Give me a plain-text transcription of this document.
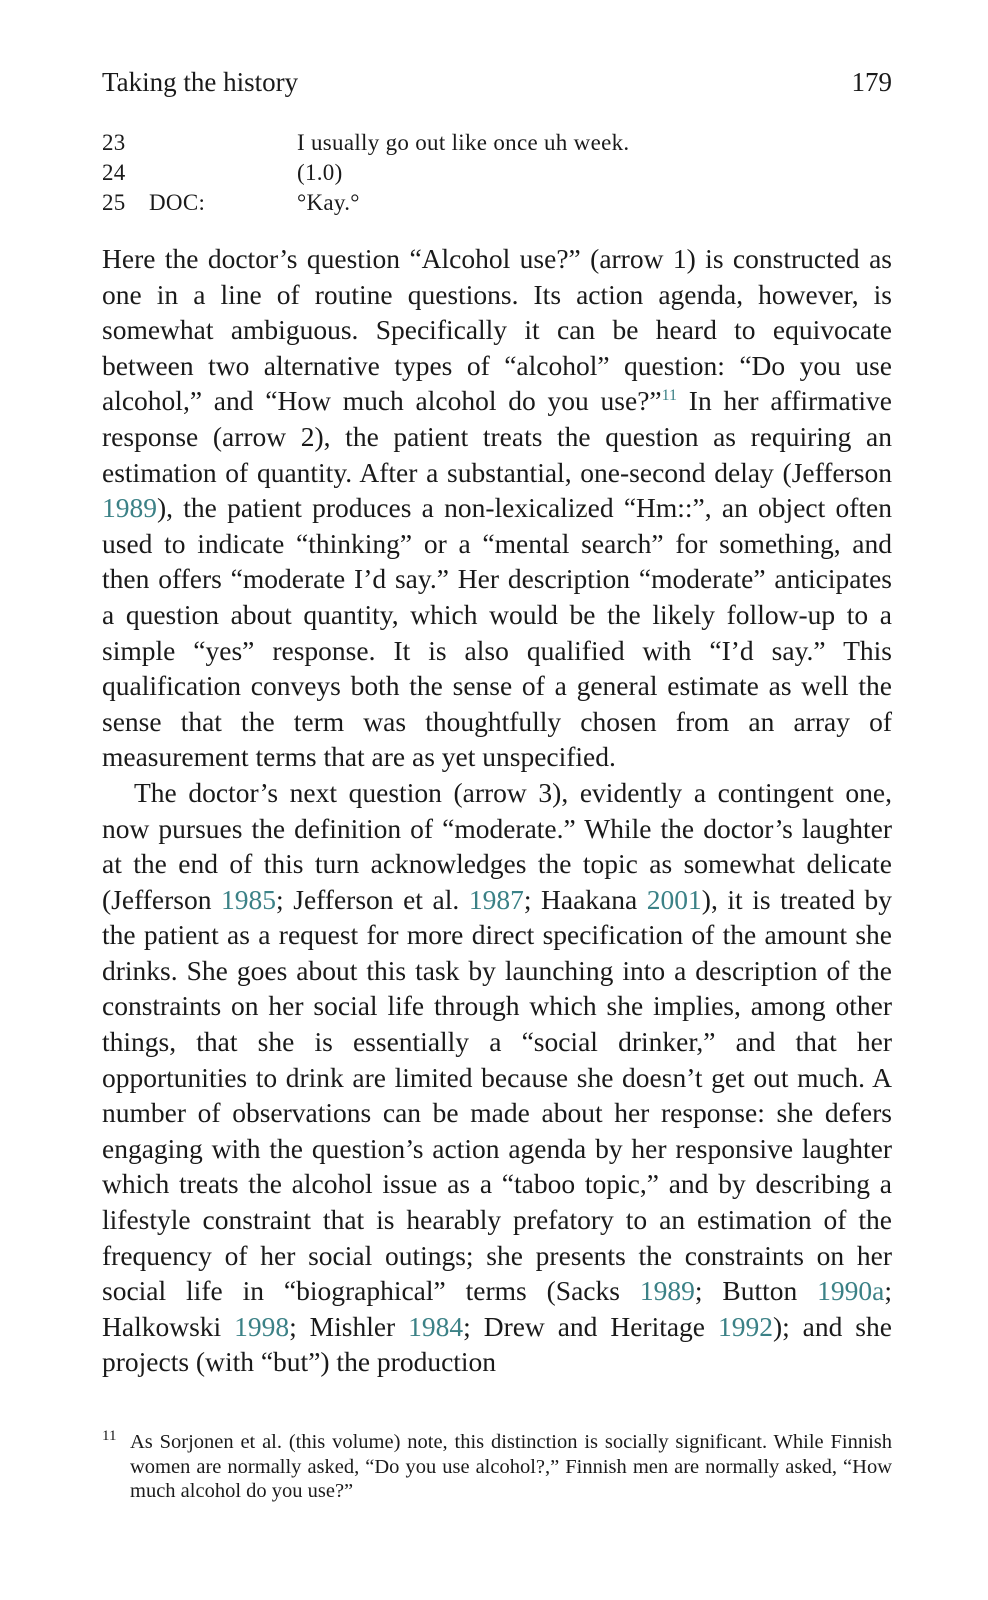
Taking the history	179
23	I usually go out like once uh week.
24	(1.0)
25 DOC:	°Kay.°

Here the doctor’s question “Alcohol use?” (arrow 1) is constructed as one in a line of routine questions. Its action agenda, however, is somewhat ambiguous. Specifically it can be heard to equivocate between two alternative types of “alcohol” question: “Do you use alcohol,” and “How much alcohol do you use?”$^{11}$ In her affirmative response (arrow 2), the patient treats the question as requiring an estimation of quantity. After a substantial, one-second delay (Jefferson 1989), the patient produces a non-lexicalized “Hm::”, an object often used to indicate “thinking” or a “mental search” for something, and then offers “moderate I’d say.” Her description “moderate” anticipates a question about quantity, which would be the likely follow-up to a simple “yes” response. It is also qualified with “I’d say.” This qualification conveys both the sense of a general estimate as well the sense that the term was thoughtfully chosen from an array of measurement terms that are as yet unspecified.

The doctor’s next question (arrow 3), evidently a contingent one, now pursues the definition of “moderate.” While the doctor’s laughter at the end of this turn acknowledges the topic as somewhat delicate (Jefferson 1985; Jefferson et al. 1987; Haakana 2001), it is treated by the patient as a request for more direct specification of the amount she drinks. She goes about this task by launching into a description of the constraints on her social life through which she implies, among other things, that she is essentially a “social drinker,” and that her opportunities to drink are limited because she doesn’t get out much. A number of observations can be made about her response: she defers engaging with the question’s action agenda by her responsive laughter which treats the alcohol issue as a “taboo topic,” and by describing a lifestyle constraint that is hearably prefatory to an estimation of the frequency of her social outings; she presents the constraints on her social life in “biographical” terms (Sacks 1989; Button 1990a; Halkowski 1998; Mishler 1984; Drew and Heritage 1992); and she projects (with “but”) the production

11 As Sorjonen et al. (this volume) note, this distinction is socially significant. While Finnish women are normally asked, “Do you use alcohol?,” Finnish men are normally asked, “How much alcohol do you use?”
